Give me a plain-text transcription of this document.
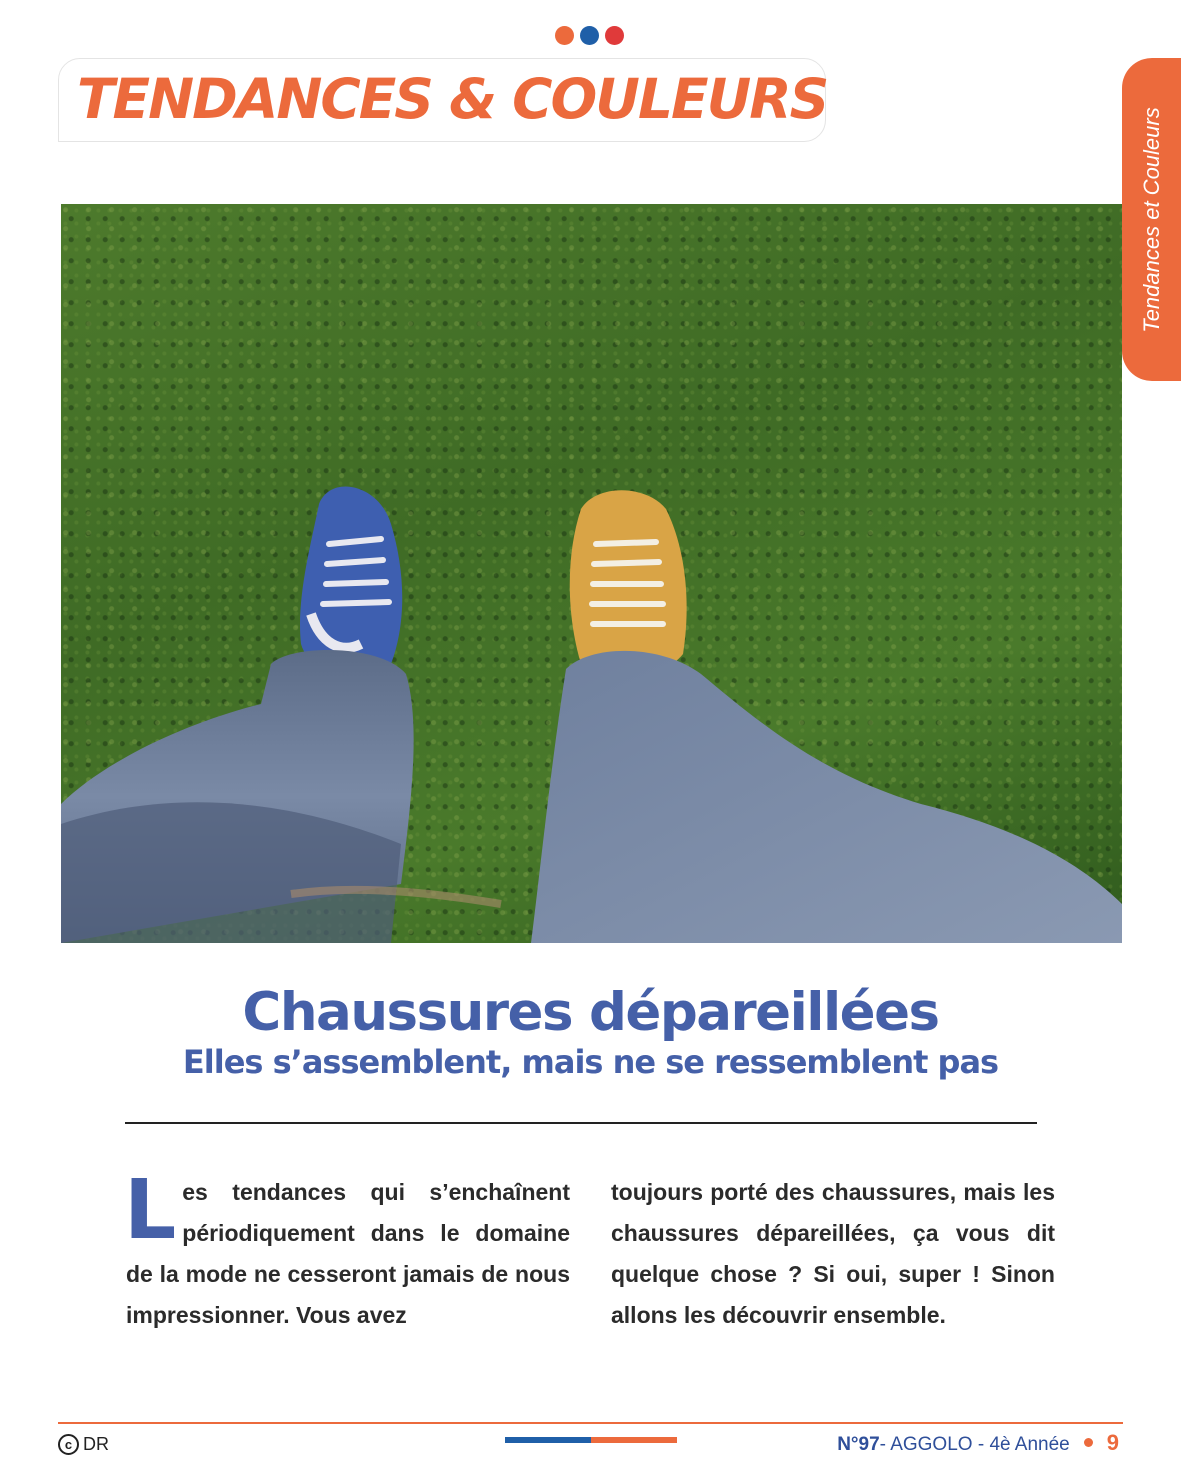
TENDANCES & COULEURS
Tendances et Couleurs
Chaussures dépareillées
Elles s’assemblent, mais ne se ressemblent pas
L es tendances qui s’enchaînent périodiquement dans le domaine de la mode ne cesseront jamais de nous impressionner. Vous avez
toujours porté des chaussures, mais les chaussures dépareillées, ça vous dit quelque chose ? Si oui, super ! Sinon allons les découvrir ensemble.
c DR	N°97 - AGGOLO - 4è Année 9
